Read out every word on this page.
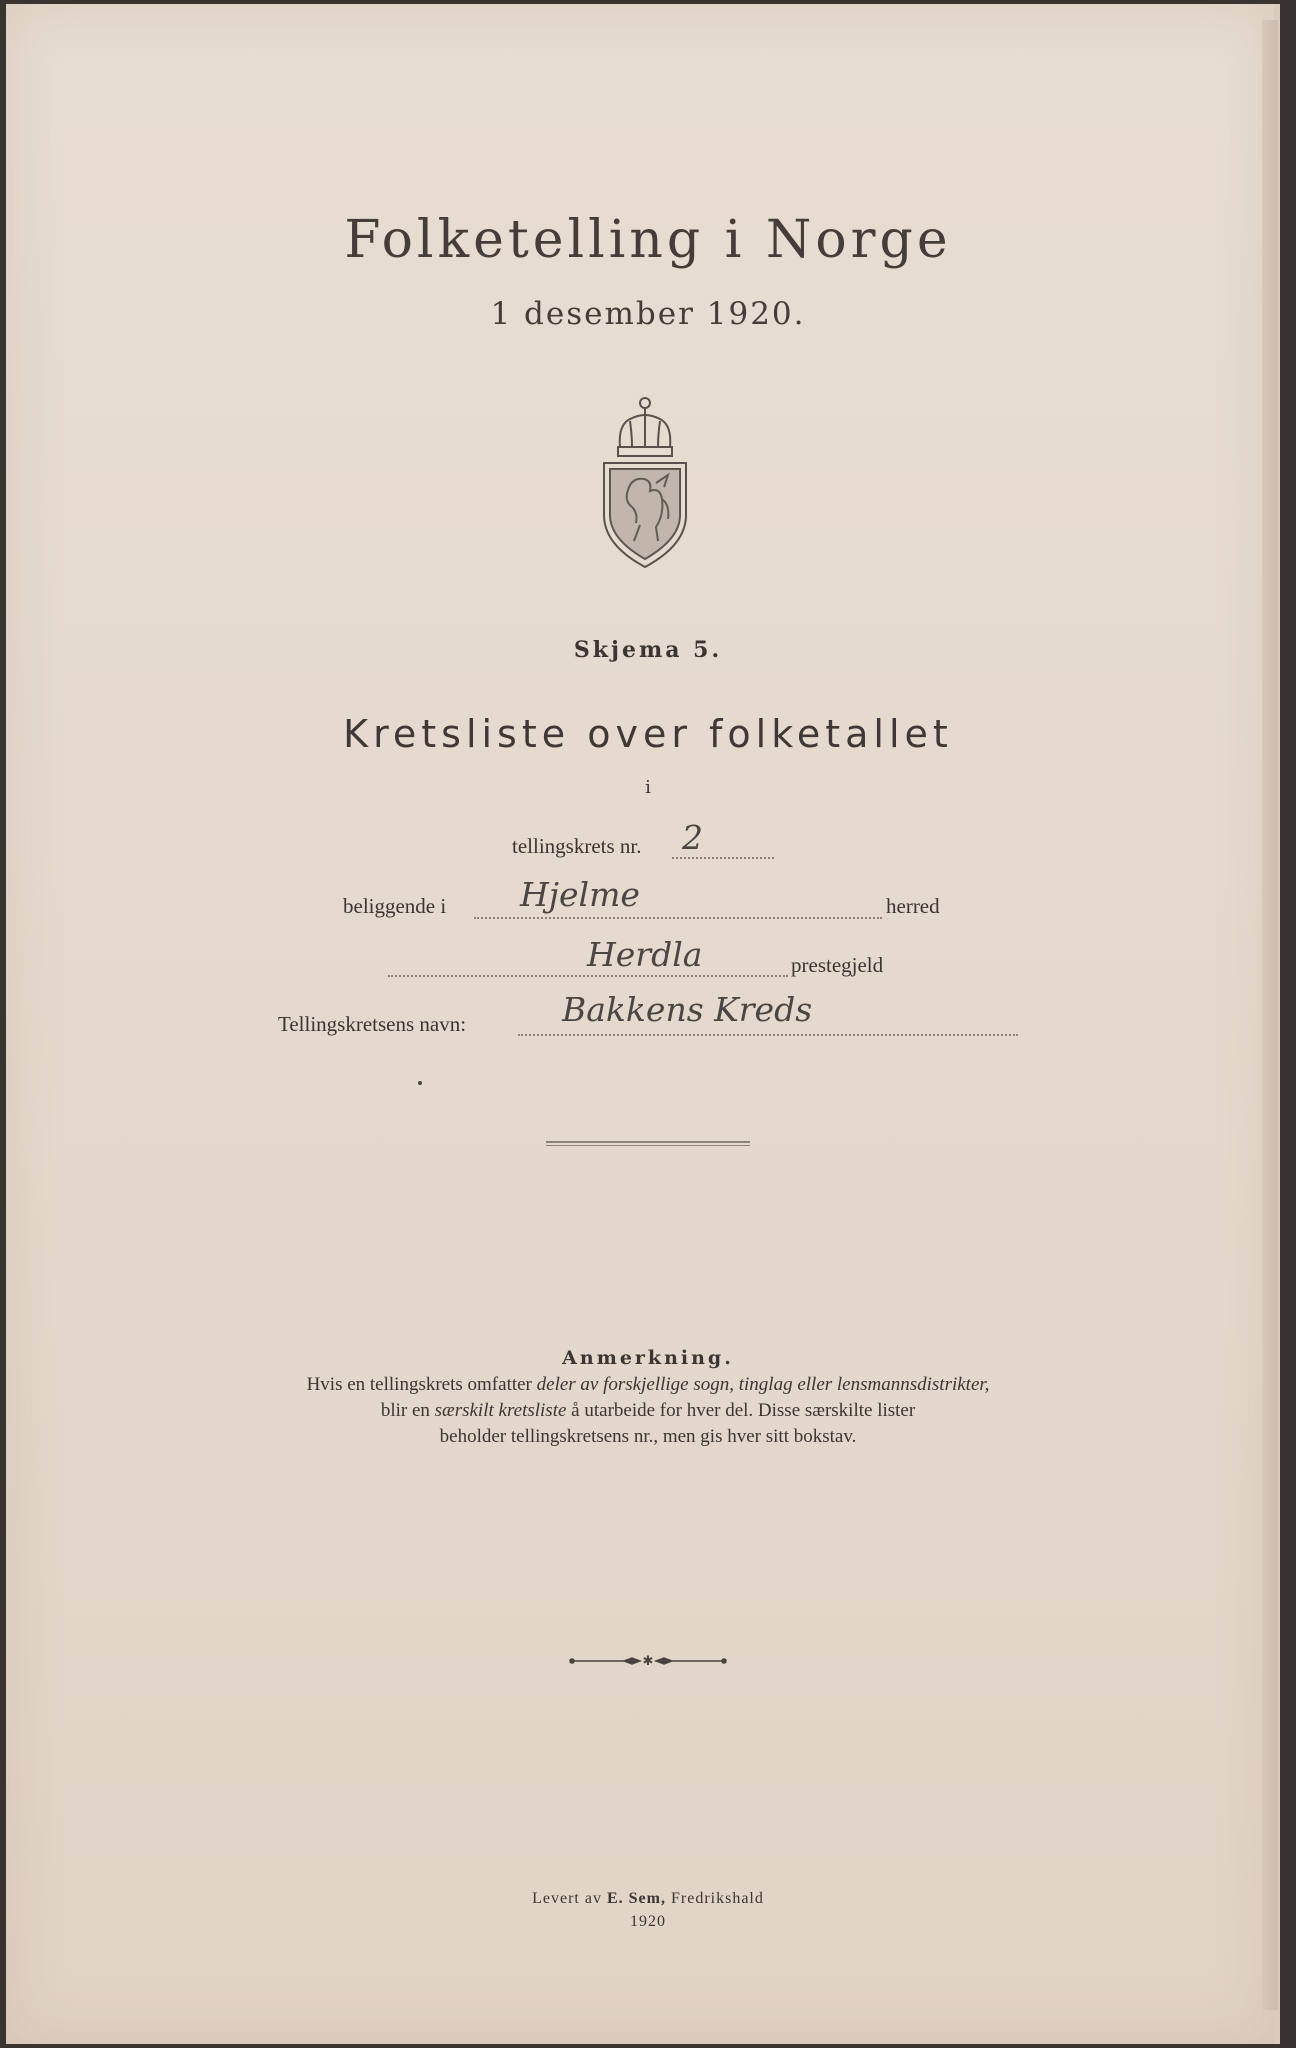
Folketelling i Norge
1 desember 1920.
Skjema 5.
Kretsliste over folketallet
i
tellingskrets nr. 2
beliggende i Hjelme	herred
Herdla	prestegjeld
Tellingskretsens navn:	Bakkens Kreds
Anmerkning.
Hvis en tellingskrets omfatter deler av forskjellige sogn, tinglag eller lensmannsdistrikter,
blir en særskilt kretsliste å utarbeide for hver del. Disse særskilte lister
beholder tellingskretsens nr., men gis hver sitt bokstav.
✱
Levert av E. Sem, Fredrikshald
1920
